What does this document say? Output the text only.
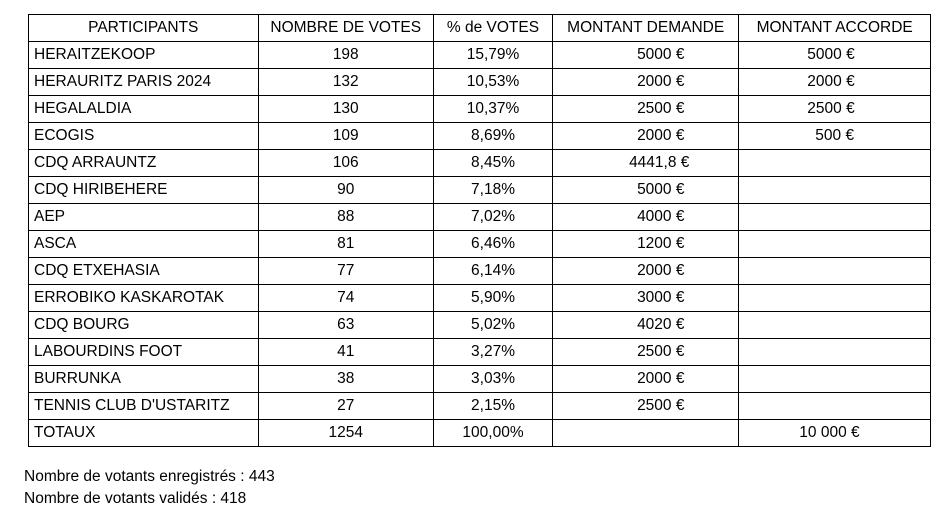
PARTICIPANTS	NOMBRE DE VOTES	% de VOTES	MONTANT DEMANDE	MONTANT ACCORDE
HERAITZEKOOP	198	15,79%	5000 €	5000 €
HERAURITZ PARIS 2024	132	10,53%	2000 €	2000 €
HEGALALDIA	130	10,37%	2500 €	2500 €
ECOGIS	109	8,69%	2000 €	500 €
CDQ ARRAUNTZ	106	8,45%	4441,8 €	
CDQ HIRIBEHERE	90	7,18%	5000 €	
AEP	88	7,02%	4000 €	
ASCA	81	6,46%	1200 €	
CDQ ETXEHASIA	77	6,14%	2000 €	
ERROBIKO KASKAROTAK	74	5,90%	3000 €	
CDQ BOURG	63	5,02%	4020 €	
LABOURDINS FOOT	41	3,27%	2500 €	
BURRUNKA	38	3,03%	2000 €	
TENNIS CLUB D'USTARITZ	27	2,15%	2500 €	
TOTAUX	1254	100,00%		10 000 €
Nombre de votants enregistrés : 443
Nombre de votants validés : 418
